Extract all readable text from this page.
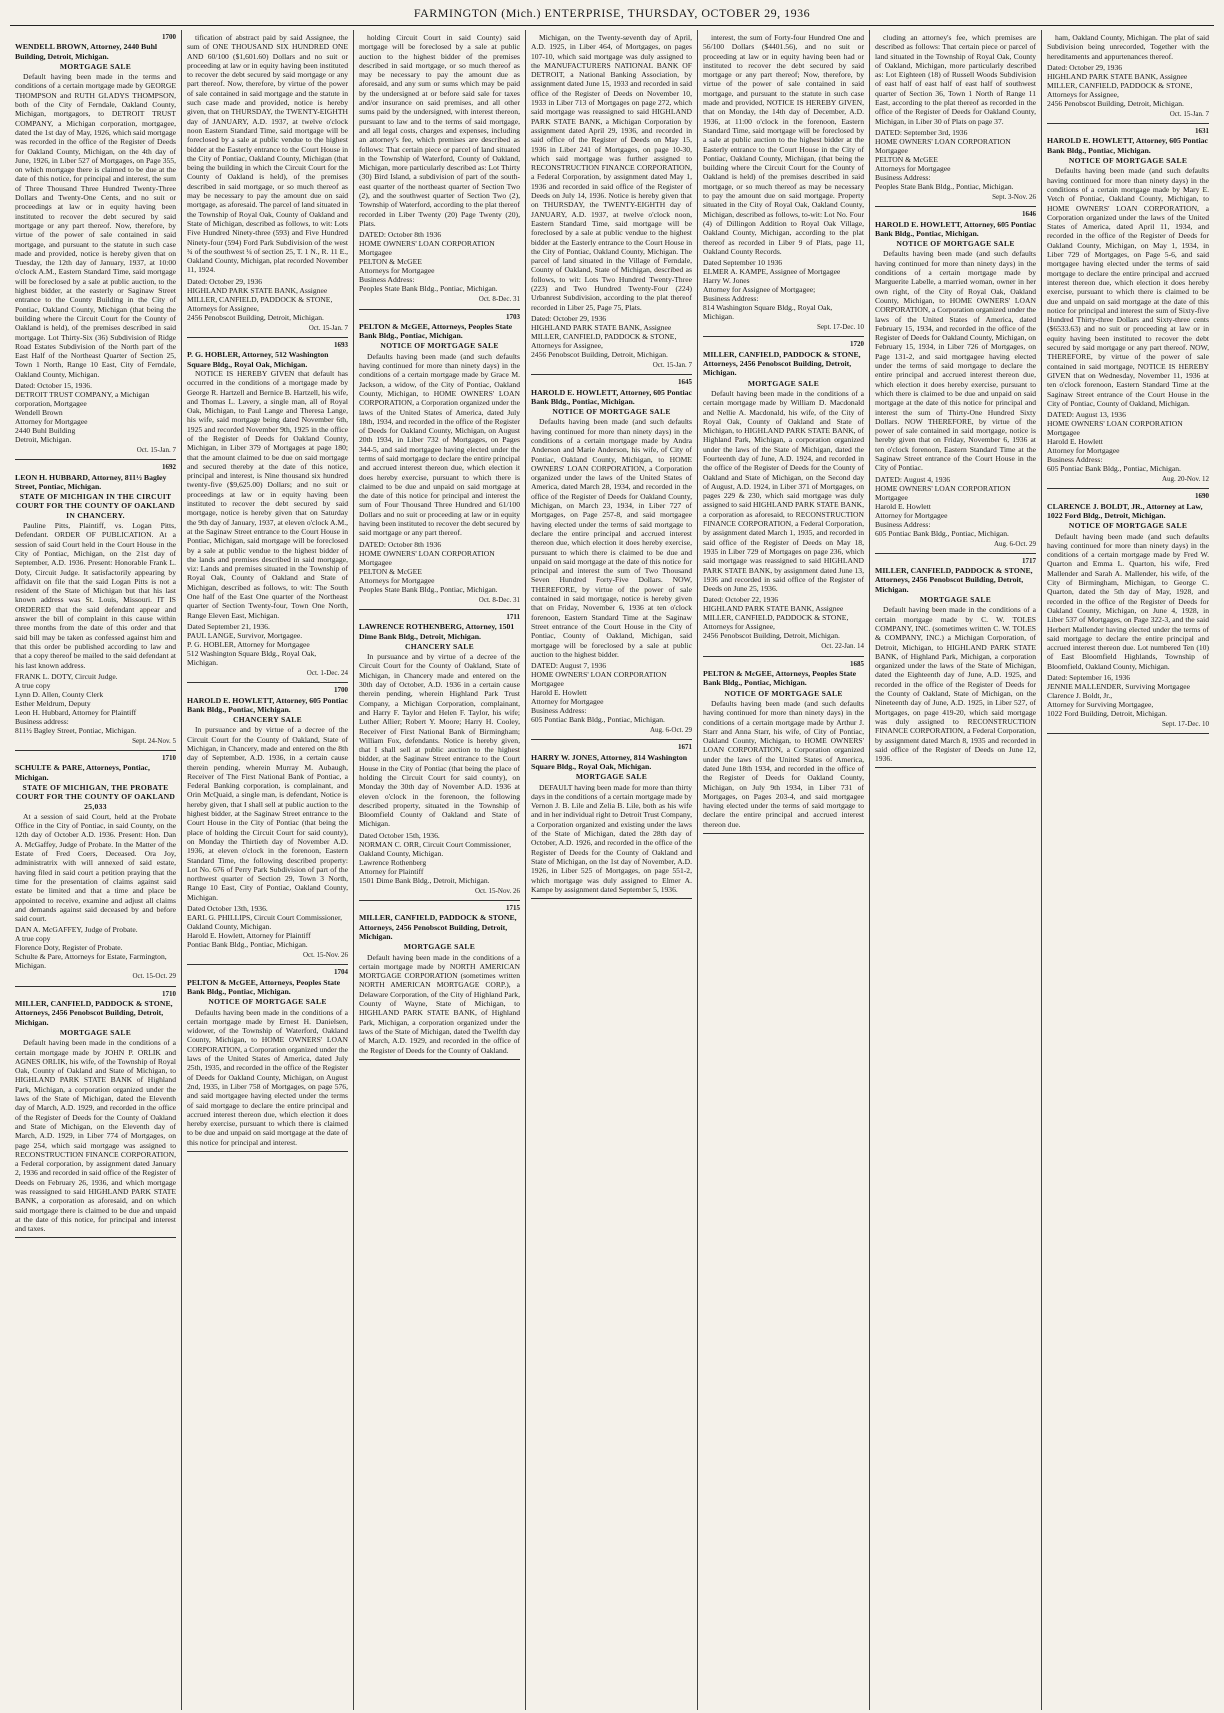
FARMINGTON (Mich.) ENTERPRISE, THURSDAY, OCTOBER 29, 1936
1700
WENDELL BROWN, Attorney, 2440 Buhl Building, Detroit, Michigan.
MORTGAGE SALE

Default having been made in the terms and conditions of a certain mortgage made by GEORGE THOMPSON and RUTH GLADYS THOMPSON, both of the City of Ferndale, Oakland County, Michigan, mortgagors, to DETROIT TRUST COMPANY, a Michigan corporation, mortgagee, dated the 1st day of May, 1926, which said mortgage was recorded in the office of the Register of Deeds for Oakland County, Michigan, on the 4th day of June, 1926, in Liber 527 of Mortgages, on Page 355, on which mortgage there is claimed to be due at the date of this notice, for principal and interest, the sum of Three Thousand Three Hundred Twenty-Three Dollars and Twenty-One Cents, and no suit or proceedings at law or in equity having been instituted to recover the debt secured by said mortgage or any part thereof. Now, therefore, by virtue of the power of sale contained in said mortgage, and pursuant to the statute in such case made and provided, notice is hereby given that on Tuesday, the 12th day of January, 1937, at 10:00 o'clock A.M., Eastern Standard Time, said mortgage will be foreclosed by a sale at public auction, to the highest bidder, at the easterly or Saginaw Street entrance to the County Building in the City of Pontiac, Oakland County, Michigan (that being the building where the Circuit Court for the County of Oakland is held), of the premises described in said mortgage. Lot Thirty-Six (36) Subdivision of Ridge Road Estates Subdivision of the North part of the East Half of the Northeast Quarter of Section 25, Town 1 North, Range 10 East, City of Ferndale, Oakland County, Michigan.

Dated: October 15, 1936.
DETROIT TRUST COMPANY, a Michigan corporation, Mortgagee
Wendell Brown
Attorney for Mortgagee
2440 Buhl Building
Detroit, Michigan.
Oct. 15-Jan. 7
1692
LEON H. HUBBARD, Attorney, 811½ Bagley Street, Pontiac, Michigan.
STATE OF MICHIGAN IN THE CIRCUIT COURT FOR THE COUNTY OF OAKLAND IN CHANCERY.

Pauline Pitts, Plaintiff, vs. Logan Pitts, Defendant. ORDER OF PUBLICATION. At a session of said Court held in the Court House in the City of Pontiac, Michigan, on the 21st day of September, A.D. 1936. Present: Honorable Frank L. Doty, Circuit Judge. It satisfactorily appearing by affidavit on file that the said Logan Pitts is not a resident of the State of Michigan but that his last known address was St. Louis, Missouri. IT IS ORDERED that the said defendant appear and answer the bill of complaint in this cause within three months from the date of this order and that said bill may be taken as confessed against him and that this order be published according to law and that a copy thereof be mailed to the said defendant at his last known address.

FRANK L. DOTY, Circuit Judge.
A true copy
Lynn D. Allen, County Clerk
Esther Meldrum, Deputy
Leon H. Hubbard, Attorney for Plaintiff
Business address:
811½ Bagley Street, Pontiac, Michigan.
Sept. 24-Nov. 5
1710
SCHULTE & PARE, Attorneys, Pontiac, Michigan.
STATE OF MICHIGAN, THE PROBATE COURT FOR THE COUNTY OF OAKLAND 25,033

At a session of said Court, held at the Probate Office in the City of Pontiac, in said County, on the 12th day of October A.D. 1936. Present: Hon. Dan A. McGaffey, Judge of Probate. In the Matter of the Estate of Fred Coers, Deceased. Ora Joy, administratrix with will annexed of said estate, having filed in said court a petition praying that the time for the presentation of claims against said estate be limited and that a time and place be appointed to receive, examine and adjust all claims and demands against said deceased by and before said court.

DAN A. McGAFFEY, Judge of Probate.
A true copy
Florence Doty, Register of Probate.
Schulte & Pare, Attorneys for Estate, Farmington, Michigan.
Oct. 15-Oct. 29
1710
MILLER, CANFIELD, PADDOCK & STONE, Attorneys, 2456 Penobscot Building, Detroit, Michigan.
MORTGAGE SALE

Default having been made in the conditions of a certain mortgage made by JOHN P. ORLIK and AGNES ORLIK, his wife, of the Township of Royal Oak, County of Oakland and State of Michigan, to HIGHLAND PARK STATE BANK of Highland Park, Michigan, a corporation organized under the laws of the State of Michigan, dated the Eleventh day of March, A.D. 1929, and recorded in the office of the Register of Deeds for the County of Oakland and State of Michigan, on the Eleventh day of March, A.D. 1929, in Liber 774 of Mortgages, on page 254, which said mortgage was assigned to RECONSTRUCTION FINANCE CORPORATION, a Federal corporation, by assignment dated January 2, 1936 and recorded in said office of the Register of Deeds on February 26, 1936, and which mortgage was reassigned to said HIGHLAND PARK STATE BANK, a corporation as aforesaid, and on which said mortgage there is claimed to be due and unpaid at the date of this notice, for principal and interest and taxes.

tification of abstract paid by said Assignee, the sum of ONE THOUSAND SIX HUNDRED ONE AND 60/100 ($1,601.60) Dollars and no suit or proceeding at law or in equity having been instituted to recover the debt secured by said mortgage or any part thereof. Now, therefore, by virtue of the power of sale contained in said mortgage and the statute in such case made and provided, notice is hereby given, that on THURSDAY, the TWENTY-EIGHTH day of JANUARY, A.D. 1937, at twelve o'clock noon Eastern Standard Time, said mortgage will be foreclosed by a sale at public vendue to the highest bidder at the Easterly entrance to the Court House in the City of Pontiac, Oakland County, Michigan (that being the building in which the Circuit Court for the County of Oakland is held), of the premises described in said mortgage, or so much thereof as may be necessary to pay the amount due on said mortgage, as aforesaid. The parcel of land situated in the Township of Royal Oak, County of Oakland and State of Michigan, described as follows, to wit: Lots Five Hundred Ninety-three (593) and Five Hundred Ninety-four (594) Ford Park Subdivision of the west ¾ of the southwest ¼ of section 25, T. 1 N., R. 11 E., Oakland County, Michigan, plat recorded November 11, 1924.

Dated: October 29, 1936
HIGHLAND PARK STATE BANK, Assignee
MILLER, CANFIELD, PADDOCK & STONE, Attorneys for Assignee,
2456 Penobscot Building, Detroit, Michigan.
Oct. 15-Jan. 7
1693
P. G. HOBLER, Attorney, 512 Washington Square Bldg., Royal Oak, Michigan.

NOTICE IS HEREBY GIVEN that default has occurred in the conditions of a mortgage made by George R. Hartzell and Bernice B. Hartzell, his wife, and Thomas L. Lavery, a single man, all of Royal Oak, Michigan, to Paul Lange and Theresa Lange, his wife, said mortgage being dated November 6th, 1925 and recorded November 9th, 1925 in the office of the Register of Deeds for Oakland County, Michigan, in Liber 379 of Mortgages at page 180; that the amount claimed to be due on said mortgage and secured thereby at the date of this notice, principal and interest, is Nine thousand six hundred twenty-five ($9,625.00) Dollars; and no suit or proceedings at law or in equity having been instituted to recover the debt secured by said mortgage, notice is hereby given that on Saturday the 9th day of January, 1937, at eleven o'clock A.M., at the Saginaw Street entrance to the Court House in Pontiac, Michigan, said mortgage will be foreclosed by a sale at public vendue to the highest bidder of the lands and premises described in said mortgage, viz: Lands and premises situated in the Township of Royal Oak, County of Oakland and State of Michigan, described as follows, to wit: The South One half of the East One quarter of the Northeast quarter of Section Twenty-four, Town One North, Range Eleven East, Michigan.

Dated September 21, 1936.
PAUL LANGE, Survivor, Mortgagee.
P. G. HOBLER, Attorney for Mortgagee
512 Washington Square Bldg., Royal Oak, Michigan.
Oct. 1-Dec. 24
1700
HAROLD E. HOWLETT, Attorney, 605 Pontiac Bank Bldg., Pontiac, Michigan.
CHANCERY SALE

In pursuance and by virtue of a decree of the Circuit Court for the County of Oakland, State of Michigan, in Chancery, made and entered on the 8th day of September, A.D. 1936, in a certain cause therein pending, wherein Murray M. Aubaugh, Receiver of The First National Bank of Pontiac, a Federal Banking corporation, is complainant, and Orin McQuaid, a single man, is defendant, Notice is hereby given, that I shall sell at public auction to the highest bidder, at the Saginaw Street entrance to the Court House in the City of Pontiac (that being the place of holding the Circuit Court for said county), on Monday the Thirtieth day of November A.D. 1936, at eleven o'clock in the forenoon, Eastern Standard Time, the following described property: Lot No. 676 of Perry Park Subdivision of part of the northwest quarter of Section 29, Town 3 North, Range 10 East, City of Pontiac, Oakland County, Michigan.

Dated October 13th, 1936.
EARL G. PHILLIPS, Circuit Court Commissioner, Oakland County, Michigan.
Harold E. Howlett, Attorney for Plaintiff
Pontiac Bank Bldg., Pontiac, Michigan.
Oct. 15-Nov. 26
1704
PELTON & McGEE, Attorneys, Peoples State Bank Bldg., Pontiac, Michigan.
NOTICE OF MORTGAGE SALE

Defaults having been made in the conditions of a certain mortgage made by Ernest H. Danielsen, widower, of the Township of Waterford, Oakland County, Michigan, to HOME OWNERS' LOAN CORPORATION, a Corporation organized under the laws of the United States of America, dated July 25th, 1935, and recorded in the office of the Register of Deeds for Oakland County, Michigan, on August 2nd, 1935, in Liber 758 of Mortgages, on page 576, and said mortgagee having elected under the terms of said mortgage to declare the entire principal and accrued interest thereon due, which election it does hereby exercise, pursuant to which there is claimed to be due and unpaid on said mortgage at the date of this notice for principal and interest.

holding Circuit Court in said County) said mortgage will be foreclosed by a sale at public auction to the highest bidder of the premises described in said mortgage, or so much thereof as may be necessary to pay the amount due as aforesaid, and any sum or sums which may be paid by the undersigned at or before said sale for taxes and/or insurance on said premises, and all other sums paid by the undersigned, with interest thereon, pursuant to law and to the terms of said mortgage, and all legal costs, charges and expenses, including an attorney's fee, which premises are described as follows: That certain piece or parcel of land situated in the Township of Waterford, County of Oakland, Michigan, more particularly described as: Lot Thirty (30) Bird Island, a subdivision of part of the south-east quarter of the northeast quarter of Section Two (2), and the southwest quarter of Section Two (2), Township of Waterford, according to the plat thereof recorded in Liber Twenty (20) Page Twenty (20), Plats.

DATED: October 8th 1936
HOME OWNERS' LOAN CORPORATION Mortgagee
PELTON & McGEE
Attorneys for Mortgagee
Business Address:
Peoples State Bank Bldg., Pontiac, Michigan.
Oct. 8-Dec. 31
1703
PELTON & McGEE, Attorneys, Peoples State Bank Bldg., Pontiac, Michigan.
NOTICE OF MORTGAGE SALE

Defaults having been made (and such defaults having continued for more than ninety days) in the conditions of a certain mortgage made by Grace M. Jackson, a widow, of the City of Pontiac, Oakland County, Michigan, to HOME OWNERS' LOAN CORPORATION, a Corporation organized under the laws of the United States of America, dated July 18th, 1934, and recorded in the office of the Register of Deeds for Oakland County, Michigan, on August 20th 1934, in Liber 732 of Mortgages, on Pages 344-5, and said mortgagee having elected under the terms of said mortgage to declare the entire principal and accrued interest thereon due, which election it does hereby exercise, pursuant to which there is claimed to be due and unpaid on said mortgage at the date of this notice for principal and interest the sum of Four Thousand Three Hundred and 61/100 Dollars and no suit or proceeding at law or in equity having been instituted to recover the debt secured by said mortgage or any part thereof.

DATED: October 8th 1936
HOME OWNERS' LOAN CORPORATION Mortgagee
PELTON & McGEE
Attorneys for Mortgagee
Peoples State Bank Bldg., Pontiac, Michigan.
Oct. 8-Dec. 31
1711
LAWRENCE ROTHENBERG, Attorney, 1501 Dime Bank Bldg., Detroit, Michigan.
CHANCERY SALE

In pursuance and by virtue of a decree of the Circuit Court for the County of Oakland, State of Michigan, in Chancery made and entered on the 30th day of October, A.D. 1936 in a certain cause therein pending, wherein Highland Park Trust Company, a Michigan Corporation, complainant, and Harry F. Taylor and Helen F. Taylor, his wife; Luther Allier; Robert Y. Moore; Harry H. Cooley, Receiver of First National Bank of Birmingham; William Fox, defendants. Notice is hereby given, that I shall sell at public auction to the highest bidder, at the Saginaw Street entrance to the Court House in the City of Pontiac (that being the place of holding the Circuit Court for said county), on Monday the 30th day of November A.D. 1936 at eleven o'clock in the forenoon, the following described property, situated in the Township of Bloomfield County of Oakland and State of Michigan.

Dated October 15th, 1936.
NORMAN C. ORR, Circuit Court Commissioner, Oakland County, Michigan.
Lawrence Rothenberg
Attorney for Plaintiff
1501 Dime Bank Bldg., Detroit, Michigan.
Oct. 15-Nov. 26
1715
MILLER, CANFIELD, PADDOCK & STONE, Attorneys, 2456 Penobscot Building, Detroit, Michigan.
MORTGAGE SALE

Default having been made in the conditions of a certain mortgage made by NORTH AMERICAN MORTGAGE CORPORATION (sometimes written NORTH AMERICAN MORTGAGE CORP.), a Delaware Corporation, of the City of Highland Park, County of Wayne, State of Michigan, to HIGHLAND PARK STATE BANK, of Highland Park, Michigan, a corporation organized under the laws of the State of Michigan, dated the Twelfth day of March, A.D. 1929, and recorded in the office of the Register of Deeds for the County of Oakland.

Michigan, on the Twenty-seventh day of April, A.D. 1925, in Liber 464, of Mortgages, on pages 107-10, which said mortgage was duly assigned to the MANUFACTURERS NATIONAL BANK OF DETROIT, a National Banking Association, by assignment dated June 15, 1933 and recorded in said office of the Register of Deeds on November 10, 1933 in Liber 713 of Mortgages on page 272, which said mortgage was reassigned to said HIGHLAND PARK STATE BANK, a Michigan Corporation by assignment dated April 29, 1936, and recorded in said office of the Register of Deeds on May 15, 1936 in Liber 241 of Mortgages, on page 10-30, which said mortgage was further assigned to RECONSTRUCTION FINANCE CORPORATION, a Federal Corporation, by assignment dated May 1, 1936 and recorded in said office of the Register of Deeds on July 14, 1936. Notice is hereby given that on THURSDAY, the TWENTY-EIGHTH day of JANUARY, A.D. 1937, at twelve o'clock noon, Eastern Standard Time, said mortgage will be foreclosed by a sale at public vendue to the highest bidder at the Easterly entrance to the Court House in the City of Pontiac, Oakland County, Michigan. The parcel of land situated in the Village of Ferndale, County of Oakland, State of Michigan, described as follows, to wit: Lots Two Hundred Twenty-Three (223) and Two Hundred Twenty-Four (224) Urbanrest Subdivision, according to the plat thereof recorded in Liber 25, Page 75, Plats.

Dated: October 29, 1936
HIGHLAND PARK STATE BANK, Assignee
MILLER, CANFIELD, PADDOCK & STONE,
Attorneys for Assignee,
2456 Penobscot Building, Detroit, Michigan.
Oct. 15-Jan. 7
1645
HAROLD E. HOWLETT, Attorney, 605 Pontiac Bank Bldg., Pontiac, Michigan.
NOTICE OF MORTGAGE SALE

Defaults having been made (and such defaults having continued for more than ninety days) in the conditions of a certain mortgage made by Andra Anderson and Marie Anderson, his wife, of City of Pontiac, Oakland County, Michigan, to HOME OWNERS' LOAN CORPORATION, a Corporation organized under the laws of the United States of America, dated March 28, 1934, and recorded in the office of the Register of Deeds for Oakland County, Michigan, on March 23, 1934, in Liber 727 of Mortgages, on Page 257-8, and said mortgagee having elected under the terms of said mortgage to declare the entire principal and accrued interest thereon due, which election it does hereby exercise, pursuant to which there is claimed to be due and unpaid on said mortgage at the date of this notice for principal and interest the sum of Two Thousand Seven Hundred Forty-Five Dollars. NOW, THEREFORE, by virtue of the power of sale contained in said mortgage, notice is hereby given that on Friday, November 6, 1936 at ten o'clock forenoon, Eastern Standard Time at the Saginaw Street entrance of the Court House in the City of Pontiac, County of Oakland, Michigan, said mortgage will be foreclosed by a sale at public auction to the highest bidder.

DATED: August 7, 1936
HOME OWNERS' LOAN CORPORATION Mortgagee
Harold E. Howlett
Attorney for Mortgagee
Business Address:
605 Pontiac Bank Bldg., Pontiac, Michigan.
Aug. 6-Oct. 29
1671
HARRY W. JONES, Attorney, 814 Washington Square Bldg., Royal Oak, Michigan.
MORTGAGE SALE

DEFAULT having been made for more than thirty days in the conditions of a certain mortgage made by Vernon J. B. Lile and Zelia B. Lile, both as his wife and in her individual right to Detroit Trust Company, a Corporation organized and existing under the laws of the State of Michigan, dated the 28th day of October, A.D. 1926, and recorded in the office of the Register of Deeds for the County of Oakland and State of Michigan, on the 1st day of November, A.D. 1926, in Liber 525 of Mortgages, on page 551-2, which mortgage was duly assigned to Elmer A. Kampe by assignment dated September 5, 1936.

interest, the sum of Forty-four Hundred One and 56/100 Dollars ($4401.56), and no suit or proceeding at law or in equity having been had or instituted to recover the debt secured by said mortgage or any part thereof; Now, therefore, by virtue of the power of sale contained in said mortgage, and pursuant to the statute in such case made and provided, NOTICE IS HEREBY GIVEN, that on Monday, the 14th day of December, A.D. 1936, at 11:00 o'clock in the forenoon, Eastern Standard Time, said mortgage will be foreclosed by a sale at public auction to the highest bidder at the Easterly entrance to the Court House in the City of Pontiac, Oakland County, Michigan, (that being the building where the Circuit Court for the County of Oakland is held) of the premises described in said mortgage, or so much thereof as may be necessary to pay the amount due on said mortgage. Property situated in the City of Royal Oak, Oakland County, Michigan, described as follows, to-wit: Lot No. Four (4) of Dillingon Addition to Royal Oak Village, Oakland County, Michigan, according to the plat thereof as recorded in Liber 9 of Plats, page 11, Oakland County Records.

Dated September 10 1936
ELMER A. KAMPE, Assignee of Mortgagee
Harry W. Jones
Attorney for Assignee of Mortgagee;
Business Address:
814 Washington Square Bldg., Royal Oak, Michigan.
Sept. 17-Dec. 10
1720
MILLER, CANFIELD, PADDOCK & STONE, Attorneys, 2456 Penobscot Building, Detroit, Michigan.
MORTGAGE SALE

Default having been made in the conditions of a certain mortgage made by William D. Macdonald and Nellie A. Macdonald, his wife, of the City of Royal Oak, County of Oakland and State of Michigan, to HIGHLAND PARK STATE BANK, of Highland Park, Michigan, a corporation organized under the laws of the State of Michigan, dated the Fourteenth day of June, A.D. 1924, and recorded in the office of the Register of Deeds for the County of Oakland and State of Michigan, on the Second day of August, A.D. 1924, in Liber 371 of Mortgages, on pages 229 & 230, which said mortgage was duly assigned to said HIGHLAND PARK STATE BANK, a corporation as aforesaid, to RECONSTRUCTION FINANCE CORPORATION, a Federal Corporation, by assignment dated March 1, 1935, and recorded in said office of the Register of Deeds on May 18, 1935 in Liber 729 of Mortgages on page 236, which said mortgage was reassigned to said HIGHLAND PARK STATE BANK, by assignment dated June 13, 1936 and recorded in said office of the Register of Deeds on June 25, 1936.

Dated: October 22, 1936
HIGHLAND PARK STATE BANK, Assignee
MILLER, CANFIELD, PADDOCK & STONE,
Attorneys for Assignee,
2456 Penobscot Building, Detroit, Michigan.
Oct. 22-Jan. 14
1685
PELTON & McGEE, Attorneys, Peoples State Bank Bldg., Pontiac, Michigan.
NOTICE OF MORTGAGE SALE

Defaults having been made (and such defaults having continued for more than ninety days) in the conditions of a certain mortgage made by Arthur J. Starr and Anna Starr, his wife, of City of Pontiac, Oakland County, Michigan, to HOME OWNERS' LOAN CORPORATION, a Corporation organized under the laws of the United States of America, dated June 18th 1934, and recorded in the office of the Register of Deeds for Oakland County, Michigan, on July 9th 1934, in Liber 731 of Mortgages, on Pages 203-4, and said mortgagee having elected under the terms of said mortgage to declare the entire principal and accrued interest thereon due.

cluding an attorney's fee, which premises are described as follows: That certain piece or parcel of land situated in the Township of Royal Oak, County of Oakland, Michigan, more particularly described as: Lot Eighteen (18) of Russell Woods Subdivision of east half of east half of east half of southwest quarter of Section 36, Town 1 North of Range 11 East, according to the plat thereof as recorded in the office of the Register of Deeds for Oakland County, Michigan, in Liber 30 of Plats on page 37.

DATED: September 3rd, 1936
HOME OWNERS' LOAN CORPORATION Mortgagee
PELTON & McGEE
Attorneys for Mortgagee
Business Address:
Peoples State Bank Bldg., Pontiac, Michigan.
Sept. 3-Nov. 26
1646
HAROLD E. HOWLETT, Attorney, 605 Pontiac Bank Bldg., Pontiac, Michigan.
NOTICE OF MORTGAGE SALE

Defaults having been made (and such defaults having continued for more than ninety days) in the conditions of a certain mortgage made by Marguerite Labelle, a married woman, owner in her own right, of the City of Royal Oak, Oakland County, Michigan, to HOME OWNERS' LOAN CORPORATION, a Corporation organized under the laws of the United States of America, dated February 15, 1934, and recorded in the office of the Register of Deeds for Oakland County, Michigan, on February 15, 1934, in Liber 726 of Mortgages, on Page 131-2, and said mortgagee having elected under the terms of said mortgage to declare the entire principal and accrued interest thereon due, which election it does hereby exercise, pursuant to which there is claimed to be due and unpaid on said mortgage at the date of this notice for principal and interest the sum of Thirty-One Hundred Sixty Dollars. NOW THEREFORE, by virtue of the power of sale contained in said mortgage, notice is hereby given that on Friday, November 6, 1936 at ten o'clock forenoon, Eastern Standard Time at the Saginaw Street entrance of the Court House in the City of Pontiac.

DATED: August 4, 1936
HOME OWNERS' LOAN CORPORATION Mortgagee
Harold E. Howlett
Attorney for Mortgagee
Business Address:
605 Pontiac Bank Bldg., Pontiac, Michigan.
Aug. 6-Oct. 29
1717
MILLER, CANFIELD, PADDOCK & STONE, Attorneys, 2456 Penobscot Building, Detroit, Michigan.
MORTGAGE SALE

Default having been made in the conditions of a certain mortgage made by C. W. TOLES COMPANY, INC. (sometimes written C. W. TOLES & COMPANY, INC.) a Michigan Corporation, of Detroit, Michigan, to HIGHLAND PARK STATE BANK, of Highland Park, Michigan, a corporation organized under the laws of the State of Michigan, dated the Eighteenth day of June, A.D. 1925, and recorded in the office of the Register of Deeds for the County of Oakland, State of Michigan, on the Nineteenth day of June, A.D. 1925, in Liber 527, of Mortgages, on page 419-20, which said mortgage was duly assigned to RECONSTRUCTION FINANCE CORPORATION, a Federal Corporation, by assignment dated March 8, 1935 and recorded in said office of the Register of Deeds on June 12, 1936.

ham, Oakland County, Michigan. The plat of said Subdivision being unrecorded, Together with the hereditaments and appurtenances thereof.

Dated: October 29, 1936
HIGHLAND PARK STATE BANK, Assignee
MILLER, CANFIELD, PADDOCK & STONE,
Attorneys for Assignee,
2456 Penobscot Building, Detroit, Michigan.
Oct. 15-Jan. 7
1631
HAROLD E. HOWLETT, Attorney, 605 Pontiac Bank Bldg., Pontiac, Michigan.
NOTICE OF MORTGAGE SALE

Defaults having been made (and such defaults having continued for more than ninety days) in the conditions of a certain mortgage made by Mary E. Vetch of Pontiac, Oakland County, Michigan, to HOME OWNERS' LOAN CORPORATION, a Corporation organized under the laws of the United States of America, dated April 11, 1934, and recorded in the office of the Register of Deeds for Oakland County, Michigan, on May 1, 1934, in Liber 729 of Mortgages, on Page 5-6, and said mortgagee having elected under the terms of said mortgage to declare the entire principal and accrued interest thereon due, which election it does hereby exercise, pursuant to which there is claimed to be due and unpaid on said mortgage at the date of this notice for principal and interest the sum of Sixty-five Hundred Thirty-three Dollars and Sixty-three cents ($6533.63) and no suit or proceeding at law or in equity having been instituted to recover the debt secured by said mortgage or any part thereof. NOW, THEREFORE, by virtue of the power of sale contained in said mortgage, NOTICE IS HEREBY GIVEN that on Wednesday, November 11, 1936 at ten o'clock forenoon, Eastern Standard Time at the Saginaw Street entrance of the Court House in the City of Pontiac, County of Oakland, Michigan.

DATED: August 13, 1936
HOME OWNERS' LOAN CORPORATION Mortgagee
Harold E. Howlett
Attorney for Mortgagee
Business Address:
605 Pontiac Bank Bldg., Pontiac, Michigan.
Aug. 20-Nov. 12
1690
CLARENCE J. BOLDT, JR., Attorney at Law, 1022 Ford Bldg., Detroit, Michigan.
NOTICE OF MORTGAGE SALE

Default having been made (and such defaults having continued for more than ninety days) in the conditions of a certain mortgage made by Fred W. Quarton and Emma L. Quarton, his wife, Fred Mallender and Sarah A. Mallender, his wife, of the City of Birmingham, Michigan, to George C. Quarton, dated the 5th day of May, 1928, and recorded in the office of the Register of Deeds for Oakland County, Michigan, on June 4, 1928, in Liber 537 of Mortgages, on Page 322-3, and the said Herbert Mallender having elected under the terms of said mortgage to declare the entire principal and accrued interest thereon due. Lot numbered Ten (10) of East Bloomfield Highlands, Township of Bloomfield, Oakland County, Michigan.

Dated: September 16, 1936
JENNIE MALLENDER, Surviving Mortgagee
Clarence J. Boldt, Jr.,
Attorney for Surviving Mortgagee,
1022 Ford Building, Detroit, Michigan.
Sept. 17-Dec. 10
